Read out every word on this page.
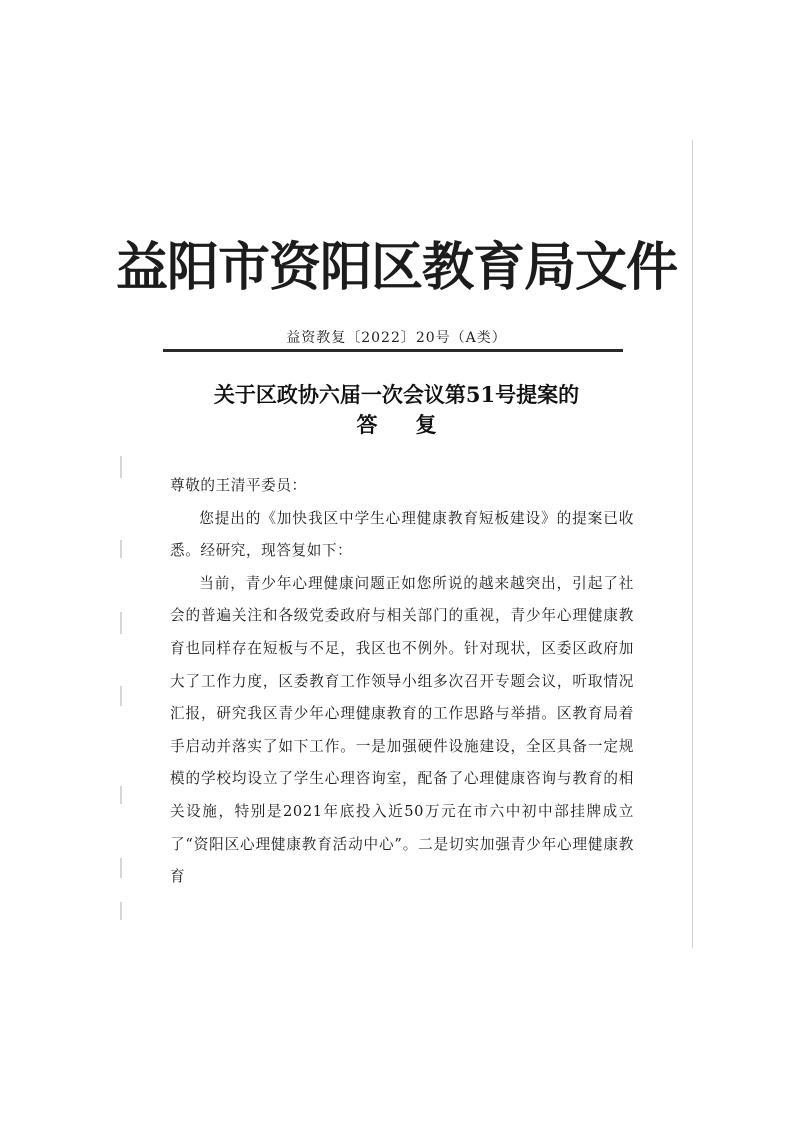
益阳市资阳区教育局文件
益资教复〔2022〕20号（A类）
关于区政协六届一次会议第51号提案的
答复

尊敬的王清平委员：

您提出的《加快我区中学生心理健康教育短板建设》的提案已收悉。经研究，现答复如下：

当前，青少年心理健康问题正如您所说的越来越突出，引起了社会的普遍关注和各级党委政府与相关部门的重视，青少年心理健康教育也同样存在短板与不足，我区也不例外。针对现状，区委区政府加大了工作力度，区委教育工作领导小组多次召开专题会议，听取情况汇报，研究我区青少年心理健康教育的工作思路与举措。区教育局着手启动并落实了如下工作。一是加强硬件设施建设，全区具备一定规模的学校均设立了学生心理咨询室，配备了心理健康咨询与教育的相关设施，特别是2021年底投入近50万元在市六中初中部挂牌成立了“资阳区心理健康教育活动中心”。二是切实加强青少年心理健康教育
